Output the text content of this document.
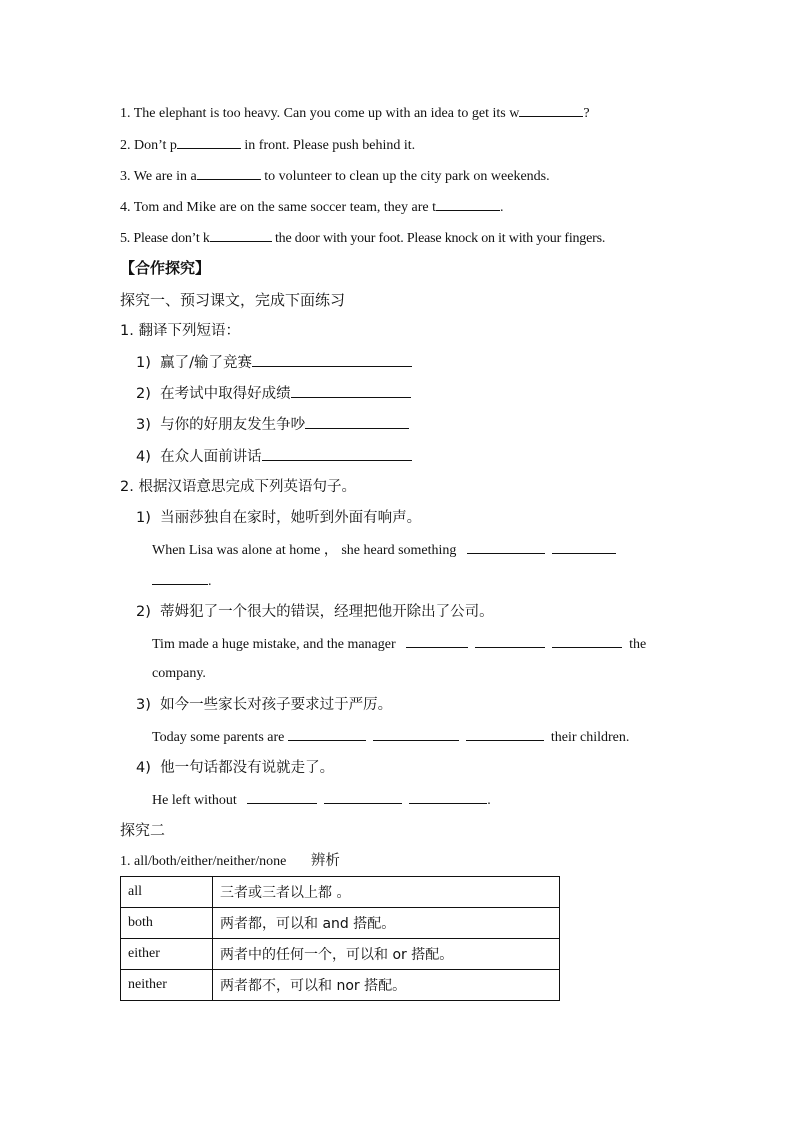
1. The elephant is too heavy. Can you come up with an idea to get its w	?
2. Don’t p	in front. Please push behind it.
3. We are in a	to volunteer to clean up the city park on weekends.
4. Tom and Mike are on the same soccer team, they are t	.
5. Please don’t k	the door with your foot. Please knock on it with your fingers.
【合作探究】
探究一、预习课文，完成下面练习
1. 翻译下列短语：
1) 赢了/输了竞赛
2) 在考试中取得好成绩
3) 与你的好朋友发生争吵
4) 在众人面前讲话
2. 根据汉语意思完成下列英语句子。
1) 当丽莎独自在家时，她听到外面有响声。
When Lisa was alone at home ， she heard something
.
2) 蒂姆犯了一个很大的错误，经理把他开除出了公司。
Tim made a huge mistake, and the manager	the
company.
3) 如今一些家长对孩子要求过于严厉。
Today some parents are	their children.
4) 他一句话都没有说就走了。
He left without	.
探究二
1. all/both/either/neither/none 辨析
all	三者或三者以上都 。
both	两者都，可以和 and 搭配。
either	两者中的任何一个，可以和 or 搭配。
neither	两者都不，可以和 nor 搭配。
